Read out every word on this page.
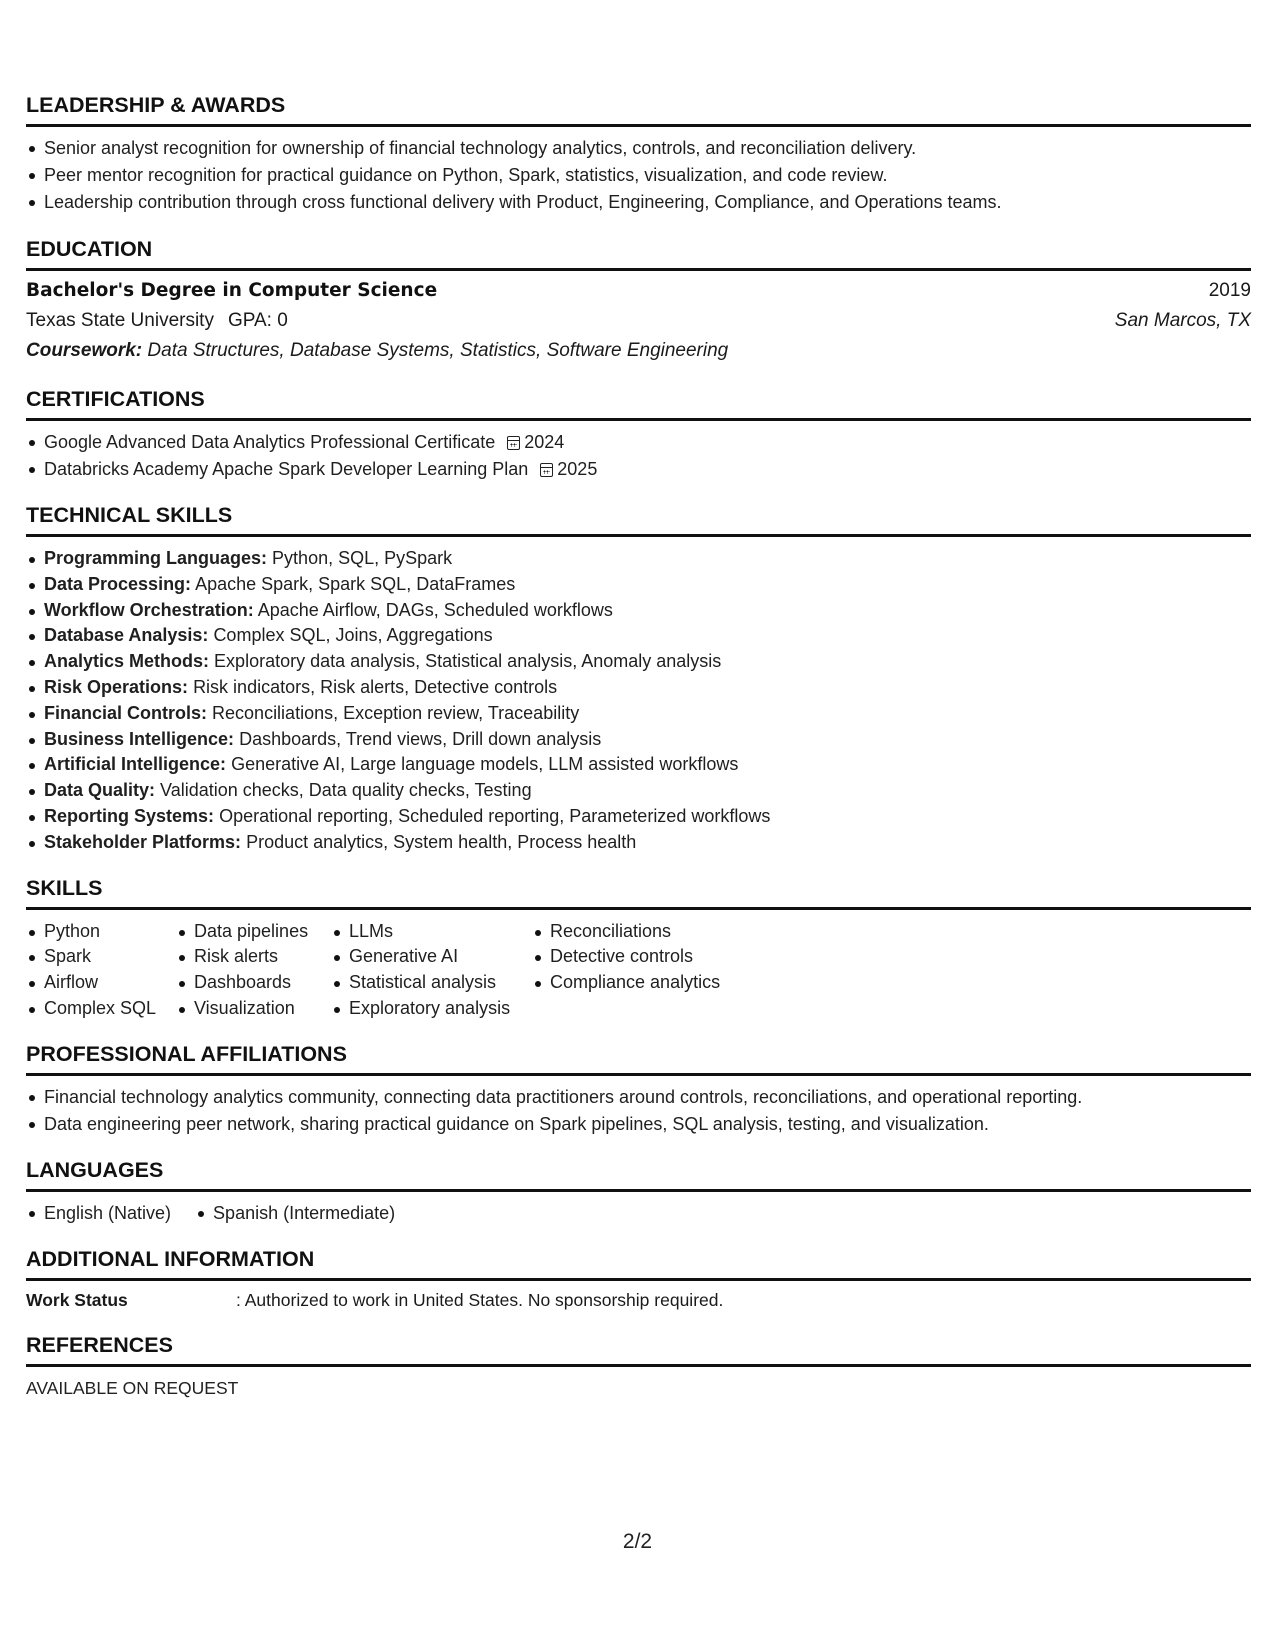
LEADERSHIP & AWARDS
Senior analyst recognition for ownership of financial technology analytics, controls, and reconciliation delivery.
Peer mentor recognition for practical guidance on Python, Spark, statistics, visualization, and code review.
Leadership contribution through cross functional delivery with Product, Engineering, Compliance, and Operations teams.
EDUCATION
Bachelor's Degree in Computer Science	2019
Texas State University GPA: 0	San Marcos, TX
Coursework: Data Structures, Database Systems, Statistics, Software Engineering
CERTIFICATIONS
Google Advanced Data Analytics Professional Certificate 2024
Databricks Academy Apache Spark Developer Learning Plan 2025
TECHNICAL SKILLS
Programming Languages: Python, SQL, PySpark
Data Processing: Apache Spark, Spark SQL, DataFrames
Workflow Orchestration: Apache Airflow, DAGs, Scheduled workflows
Database Analysis: Complex SQL, Joins, Aggregations
Analytics Methods: Exploratory data analysis, Statistical analysis, Anomaly analysis
Risk Operations: Risk indicators, Risk alerts, Detective controls
Financial Controls: Reconciliations, Exception review, Traceability
Business Intelligence: Dashboards, Trend views, Drill down analysis
Artificial Intelligence: Generative AI, Large language models, LLM assisted workflows
Data Quality: Validation checks, Data quality checks, Testing
Reporting Systems: Operational reporting, Scheduled reporting, Parameterized workflows
Stakeholder Platforms: Product analytics, System health, Process health
SKILLS
Python
Spark
Airflow
Complex SQL
Data pipelines
Risk alerts
Dashboards
Visualization
LLMs
Generative AI
Statistical analysis
Exploratory analysis
Reconciliations
Detective controls
Compliance analytics
PROFESSIONAL AFFILIATIONS
Financial technology analytics community, connecting data practitioners around controls, reconciliations, and operational reporting.
Data engineering peer network, sharing practical guidance on Spark pipelines, SQL analysis, testing, and visualization.
LANGUAGES
English (Native)	Spanish (Intermediate)
ADDITIONAL INFORMATION
Work Status	: Authorized to work in United States. No sponsorship required.
REFERENCES
AVAILABLE ON REQUEST
2/2
